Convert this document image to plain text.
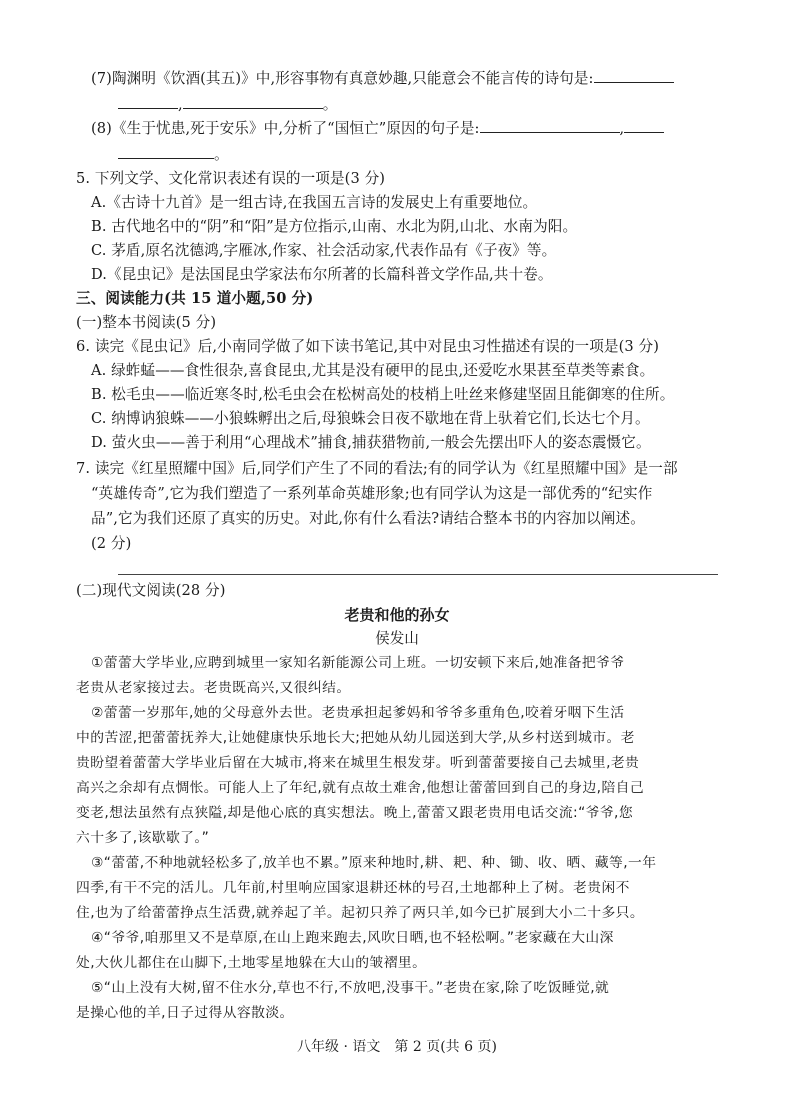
(7)陶渊明《饮酒(其五)》中,形容事物有真意妙趣,只能意会不能言传的诗句是:
,	。
(8)《生于忧患,死于安乐》中,分析了“国恒亡”原因的句子是:	,
。
5. 下列文学、文化常识表述有误的一项是(3 分)
A.《古诗十九首》是一组古诗,在我国五言诗的发展史上有重要地位。
B. 古代地名中的“阴”和“阳”是方位指示,山南、水北为阴,山北、水南为阳。
C. 茅盾,原名沈德鸿,字雁冰,作家、社会活动家,代表作品有《子夜》等。
D.《昆虫记》是法国昆虫学家法布尔所著的长篇科普文学作品,共十卷。
三、阅读能力(共 15 道小题,50 分)
(一)整本书阅读(5 分)
6. 读完《昆虫记》后,小南同学做了如下读书笔记,其中对昆虫习性描述有误的一项是(3 分)
A. 绿蚱蜢——食性很杂,喜食昆虫,尤其是没有硬甲的昆虫,还爱吃水果甚至草类等素食。
B. 松毛虫——临近寒冬时,松毛虫会在松树高处的枝梢上吐丝来修建坚固且能御寒的住所。
C. 纳博讷狼蛛——小狼蛛孵出之后,母狼蛛会日夜不歇地在背上驮着它们,长达七个月。
D. 萤火虫——善于利用“心理战术”捕食,捕获猎物前,一般会先摆出吓人的姿态震慑它。
7. 读完《红星照耀中国》后,同学们产生了不同的看法;有的同学认为《红星照耀中国》是一部
“英雄传奇”,它为我们塑造了一系列革命英雄形象;也有同学认为这是一部优秀的“纪实作
品”,它为我们还原了真实的历史。对此,你有什么看法?请结合整本书的内容加以阐述。
(2 分)
(二)现代文阅读(28 分)
老贵和他的孙女
侯发山
①蕾蕾大学毕业,应聘到城里一家知名新能源公司上班。一切安顿下来后,她准备把爷爷
老贵从老家接过去。老贵既高兴,又很纠结。
②蕾蕾一岁那年,她的父母意外去世。老贵承担起爹妈和爷爷多重角色,咬着牙咽下生活
中的苦涩,把蕾蕾抚养大,让她健康快乐地长大;把她从幼儿园送到大学,从乡村送到城市。老
贵盼望着蕾蕾大学毕业后留在大城市,将来在城里生根发芽。听到蕾蕾要接自己去城里,老贵
高兴之余却有点惆怅。可能人上了年纪,就有点故土难舍,他想让蕾蕾回到自己的身边,陪自己
变老,想法虽然有点狭隘,却是他心底的真实想法。晚上,蕾蕾又跟老贵用电话交流:“爷爷,您
六十多了,该歇歇了。”
③“蕾蕾,不种地就轻松多了,放羊也不累。”原来种地时,耕、耙、种、锄、收、晒、藏等,一年
四季,有干不完的活儿。几年前,村里响应国家退耕还林的号召,土地都种上了树。老贵闲不
住,也为了给蕾蕾挣点生活费,就养起了羊。起初只养了两只羊,如今已扩展到大小二十多只。
④“爷爷,咱那里又不是草原,在山上跑来跑去,风吹日晒,也不轻松啊。”老家藏在大山深
处,大伙儿都住在山脚下,土地零星地躲在大山的皱褶里。
⑤“山上没有大树,留不住水分,草也不行,不放吧,没事干。”老贵在家,除了吃饭睡觉,就
是操心他的羊,日子过得从容散淡。
八年级 · 语文　第 2 页(共 6 页)
